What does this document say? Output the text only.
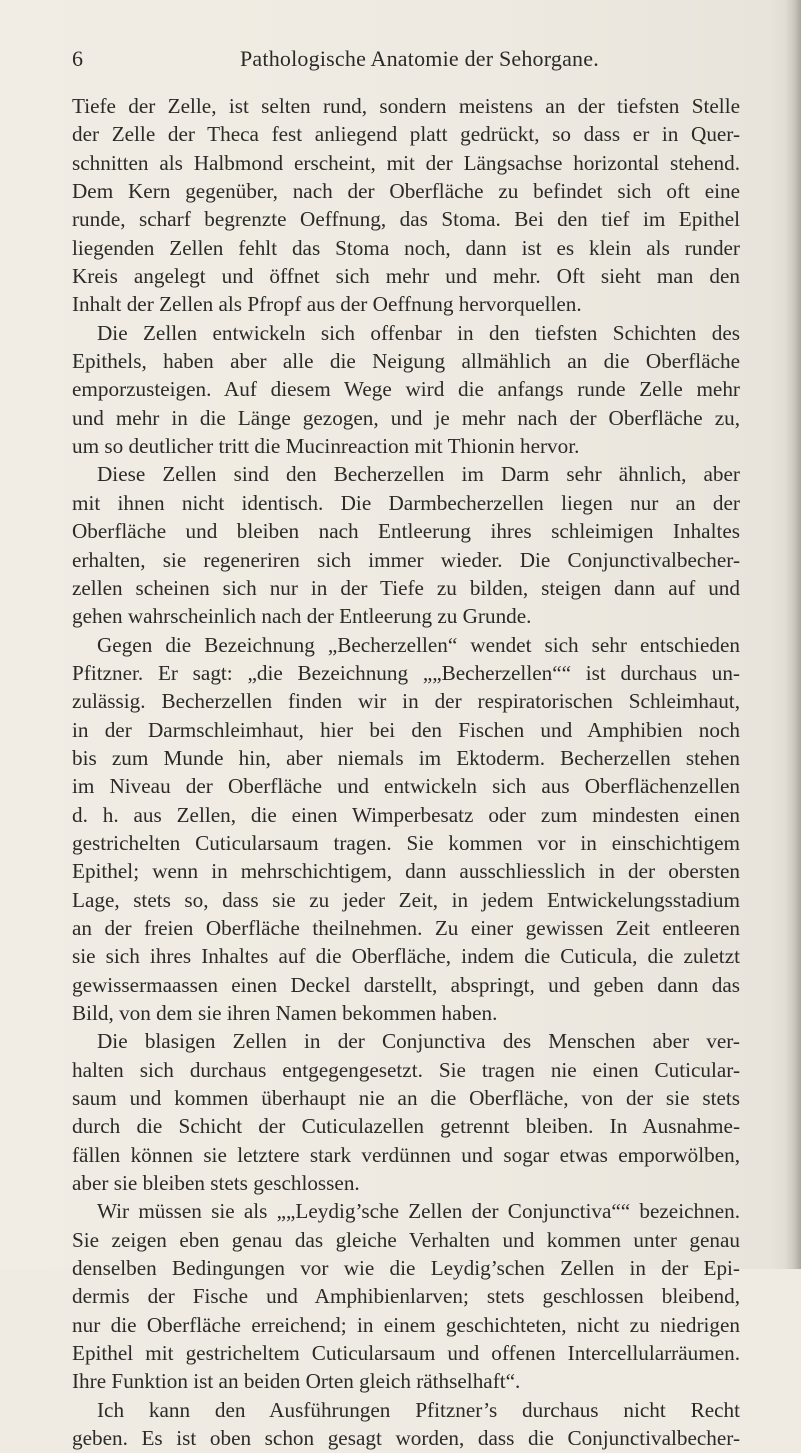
6	Pathologische Anatomie der Sehorgane.
Tiefe der Zelle, ist selten rund, sondern meistens an der tiefsten Stelle
der Zelle der Theca fest anliegend platt gedrückt, so dass er in Quer-
schnitten als Halbmond erscheint, mit der Längsachse horizontal stehend.
Dem Kern gegenüber, nach der Oberfläche zu befindet sich oft eine
runde, scharf begrenzte Oeffnung, das Stoma. Bei den tief im Epithel
liegenden Zellen fehlt das Stoma noch, dann ist es klein als runder
Kreis angelegt und öffnet sich mehr und mehr. Oft sieht man den
Inhalt der Zellen als Pfropf aus der Oeffnung hervorquellen.
Die Zellen entwickeln sich offenbar in den tiefsten Schichten des
Epithels, haben aber alle die Neigung allmählich an die Oberfläche
emporzusteigen. Auf diesem Wege wird die anfangs runde Zelle mehr
und mehr in die Länge gezogen, und je mehr nach der Oberfläche zu,
um so deutlicher tritt die Mucinreaction mit Thionin hervor.
Diese Zellen sind den Becherzellen im Darm sehr ähnlich, aber
mit ihnen nicht identisch. Die Darmbecherzellen liegen nur an der
Oberfläche und bleiben nach Entleerung ihres schleimigen Inhaltes
erhalten, sie regeneriren sich immer wieder. Die Conjunctivalbecher-
zellen scheinen sich nur in der Tiefe zu bilden, steigen dann auf und
gehen wahrscheinlich nach der Entleerung zu Grunde.
Gegen die Bezeichnung „Becherzellen“ wendet sich sehr entschieden
Pfitzner. Er sagt: „die Bezeichnung „„Becherzellen““ ist durchaus un-
zulässig. Becherzellen finden wir in der respiratorischen Schleimhaut,
in der Darmschleimhaut, hier bei den Fischen und Amphibien noch
bis zum Munde hin, aber niemals im Ektoderm. Becherzellen stehen
im Niveau der Oberfläche und entwickeln sich aus Oberflächenzellen
d. h. aus Zellen, die einen Wimperbesatz oder zum mindesten einen
gestrichelten Cuticularsaum tragen. Sie kommen vor in einschichtigem
Epithel; wenn in mehrschichtigem, dann ausschliesslich in der obersten
Lage, stets so, dass sie zu jeder Zeit, in jedem Entwickelungsstadium
an der freien Oberfläche theilnehmen. Zu einer gewissen Zeit entleeren
sie sich ihres Inhaltes auf die Oberfläche, indem die Cuticula, die zuletzt
gewissermaassen einen Deckel darstellt, abspringt, und geben dann das
Bild, von dem sie ihren Namen bekommen haben.
Die blasigen Zellen in der Conjunctiva des Menschen aber ver-
halten sich durchaus entgegengesetzt. Sie tragen nie einen Cuticular-
saum und kommen überhaupt nie an die Oberfläche, von der sie stets
durch die Schicht der Cuticulazellen getrennt bleiben. In Ausnahme-
fällen können sie letztere stark verdünnen und sogar etwas emporwölben,
aber sie bleiben stets geschlossen.
Wir müssen sie als „„Leydig’sche Zellen der Conjunctiva““ bezeichnen.
Sie zeigen eben genau das gleiche Verhalten und kommen unter genau
denselben Bedingungen vor wie die Leydig’schen Zellen in der Epi-
dermis der Fische und Amphibienlarven; stets geschlossen bleibend,
nur die Oberfläche erreichend; in einem geschichteten, nicht zu niedrigen
Epithel mit gestricheltem Cuticularsaum und offenen Intercellularräumen.
Ihre Funktion ist an beiden Orten gleich räthselhaft“.
Ich kann den Ausführungen Pfitzner’s durchaus nicht Recht
geben. Es ist oben schon gesagt worden, dass die Conjunctivalbecher-
